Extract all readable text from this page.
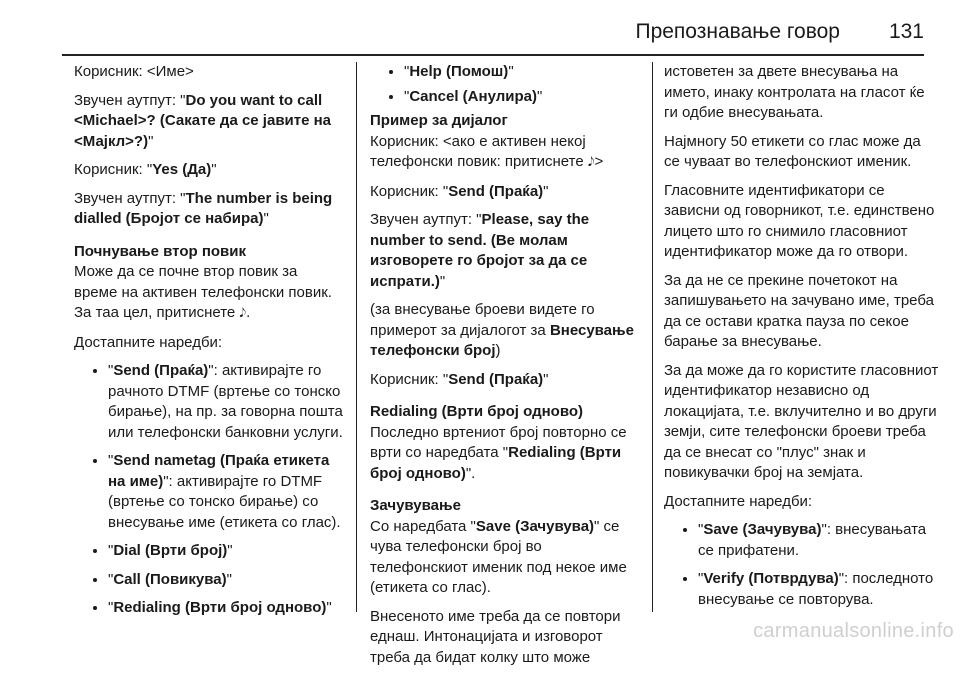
Препознавање говор 131

Корисник: <Име>

Звучен аутпут: "Do you want to call <Michael>? (Сакате да се јавите на <Мајкл>?)"

Корисник: "Yes (Да)"

Звучен аутпут: "The number is being dialled (Бројот се набира)"

Почнување втор повик

Може да се почне втор повик за време на активен телефонски повик. За таа цел, притиснете 𝅘𝅥𝅮.

Достапните наредби:

• "Send (Праќа)": активирајте го рачното DTMF (вртење со тонско бирање), на пр. за говорна пошта или телефонски банковни услуги.
• "Send nametag (Праќа етикета на име)": активирајте го DTMF (вртење со тонско бирање) со внесување име (етикета со глас).
• "Dial (Врти број)"
• "Call (Повикува)"
• "Redialing (Врти број одново)"
• "Help (Помош)"
• "Cancel (Анулира)"

Пример за дијалог

Корисник: <ако е активен некој телефонски повик: притиснете 𝅘𝅥𝅮>

Корисник: "Send (Праќа)"

Звучен аутпут: "Please, say the number to send. (Ве молам изговорете го бројот за да се испрати.)"

(за внесување броеви видете го примерот за дијалогот за Внесување телефонски број)

Корисник: "Send (Праќа)"

Redialing (Врти број одново)

Последно вртениот број повторно се врти со наредбата "Redialing (Врти број одново)".

Зачувување

Со наредбата "Save (Зачувува)" се чува телефонски број во телефонскиот именик под некое име (етикета со глас).

Внесеното име треба да се повтори еднаш. Интонацијата и изговорот треба да бидат колку што може

истоветен за двете внесувања на името, инаку контролата на гласот ќе ги одбие внесувањата.

Најмногу 50 етикети со глас може да се чуваат во телефонскиот именик.

Гласовните идентификатори се зависни од говорникот, т.е. единствено лицето што го снимило гласовниот идентификатор може да го отвори.

За да не се прекине почетокот на запишувањето на зачувано име, треба да се остави кратка пауза по секое барање за внесување.

За да може да го користите гласовниот идентификатор независно од локацијата, т.е. вклучително и во други земји, сите телефонски броеви треба да се внесат со "плус" знак и повикувачки број на земјата.

Достапните наредби:

• "Save (Зачувува)": внесувањата се прифатени.
• "Verify (Потврдува)": последното внесување се повторува.
carmanualsonline.info
